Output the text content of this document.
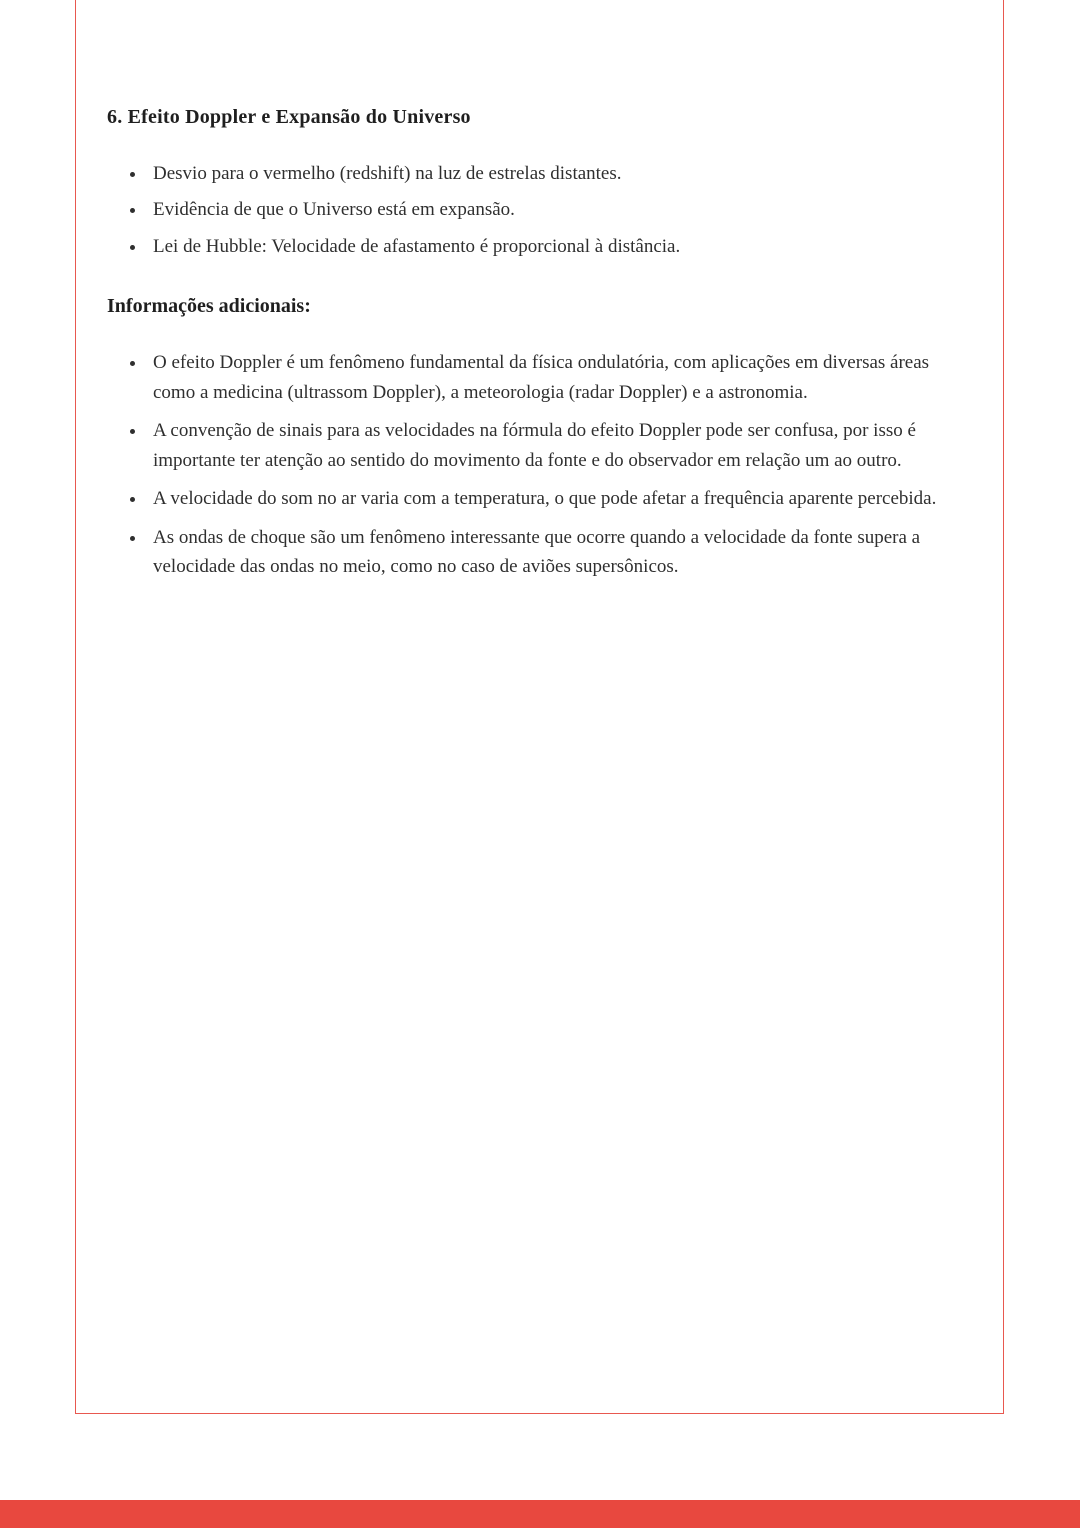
6. Efeito Doppler e Expansão do Universo
• Desvio para o vermelho (redshift) na luz de estrelas distantes.
• Evidência de que o Universo está em expansão.
• Lei de Hubble: Velocidade de afastamento é proporcional à distância.
Informações adicionais:
• O efeito Doppler é um fenômeno fundamental da física ondulatória, com aplicações em diversas áreas como a medicina (ultrassom Doppler), a meteorologia (radar Doppler) e a astronomia.
• A convenção de sinais para as velocidades na fórmula do efeito Doppler pode ser confusa, por isso é importante ter atenção ao sentido do movimento da fonte e do observador em relação um ao outro.
• A velocidade do som no ar varia com a temperatura, o que pode afetar a frequência aparente percebida.
• As ondas de choque são um fenômeno interessante que ocorre quando a velocidade da fonte supera a velocidade das ondas no meio, como no caso de aviões supersônicos.
